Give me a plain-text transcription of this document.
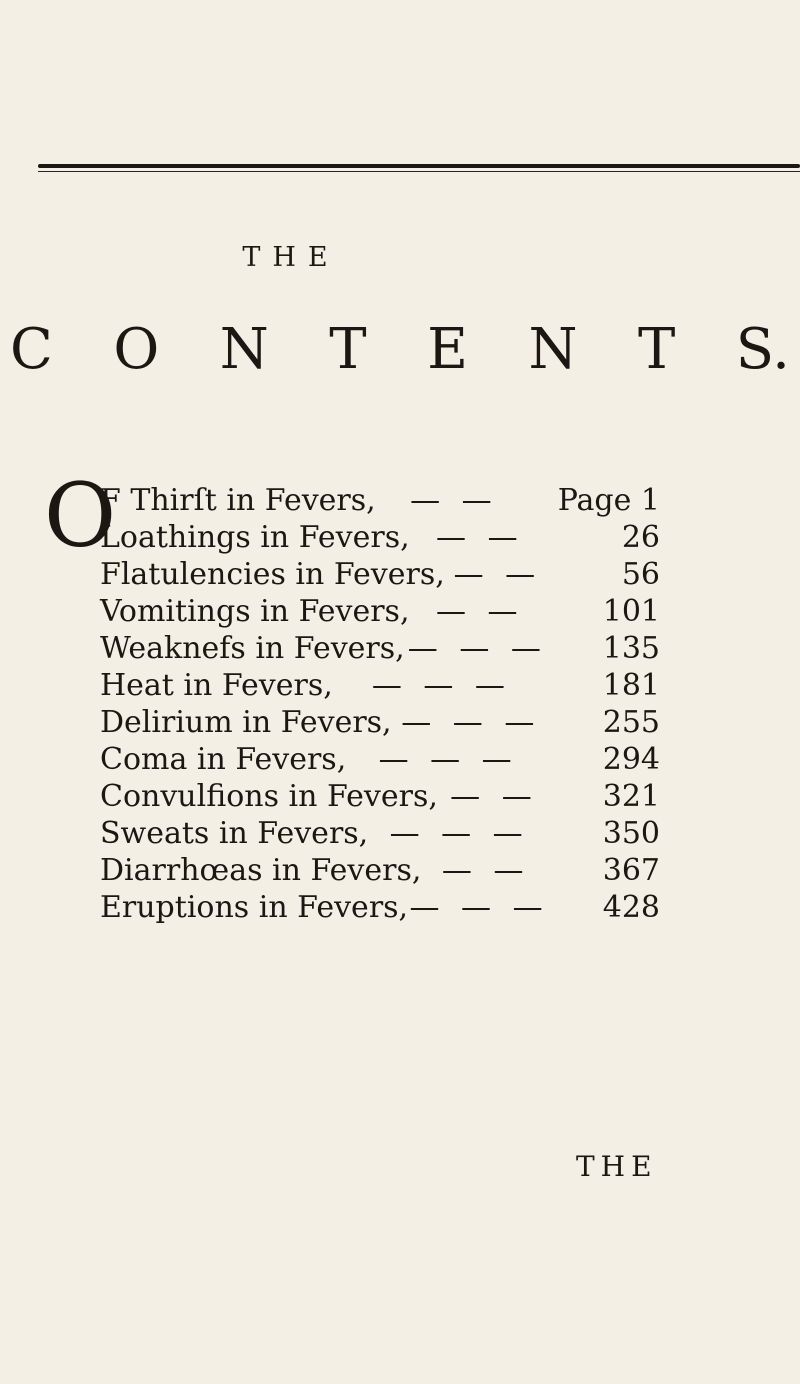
THE
C O N T E N T S.
O
F Thirſt in Fevers,	— —	Page 1
Loathings in Fevers, — —	26
Flatulencies in Fevers, — —	56
Vomitings in Fevers, — —	101
Weaknefs in Fevers, — — —	135
Heat in Fevers,	— — —	181
Delirium in Fevers, — — —	255
Coma in Fevers,	— — —	294
Convulfions in Fevers, — —	321
Sweats in Fevers, — — —	350
Diarrhœas in Fevers, — —	367
Eruptions in Fevers, — — —	428
THE
